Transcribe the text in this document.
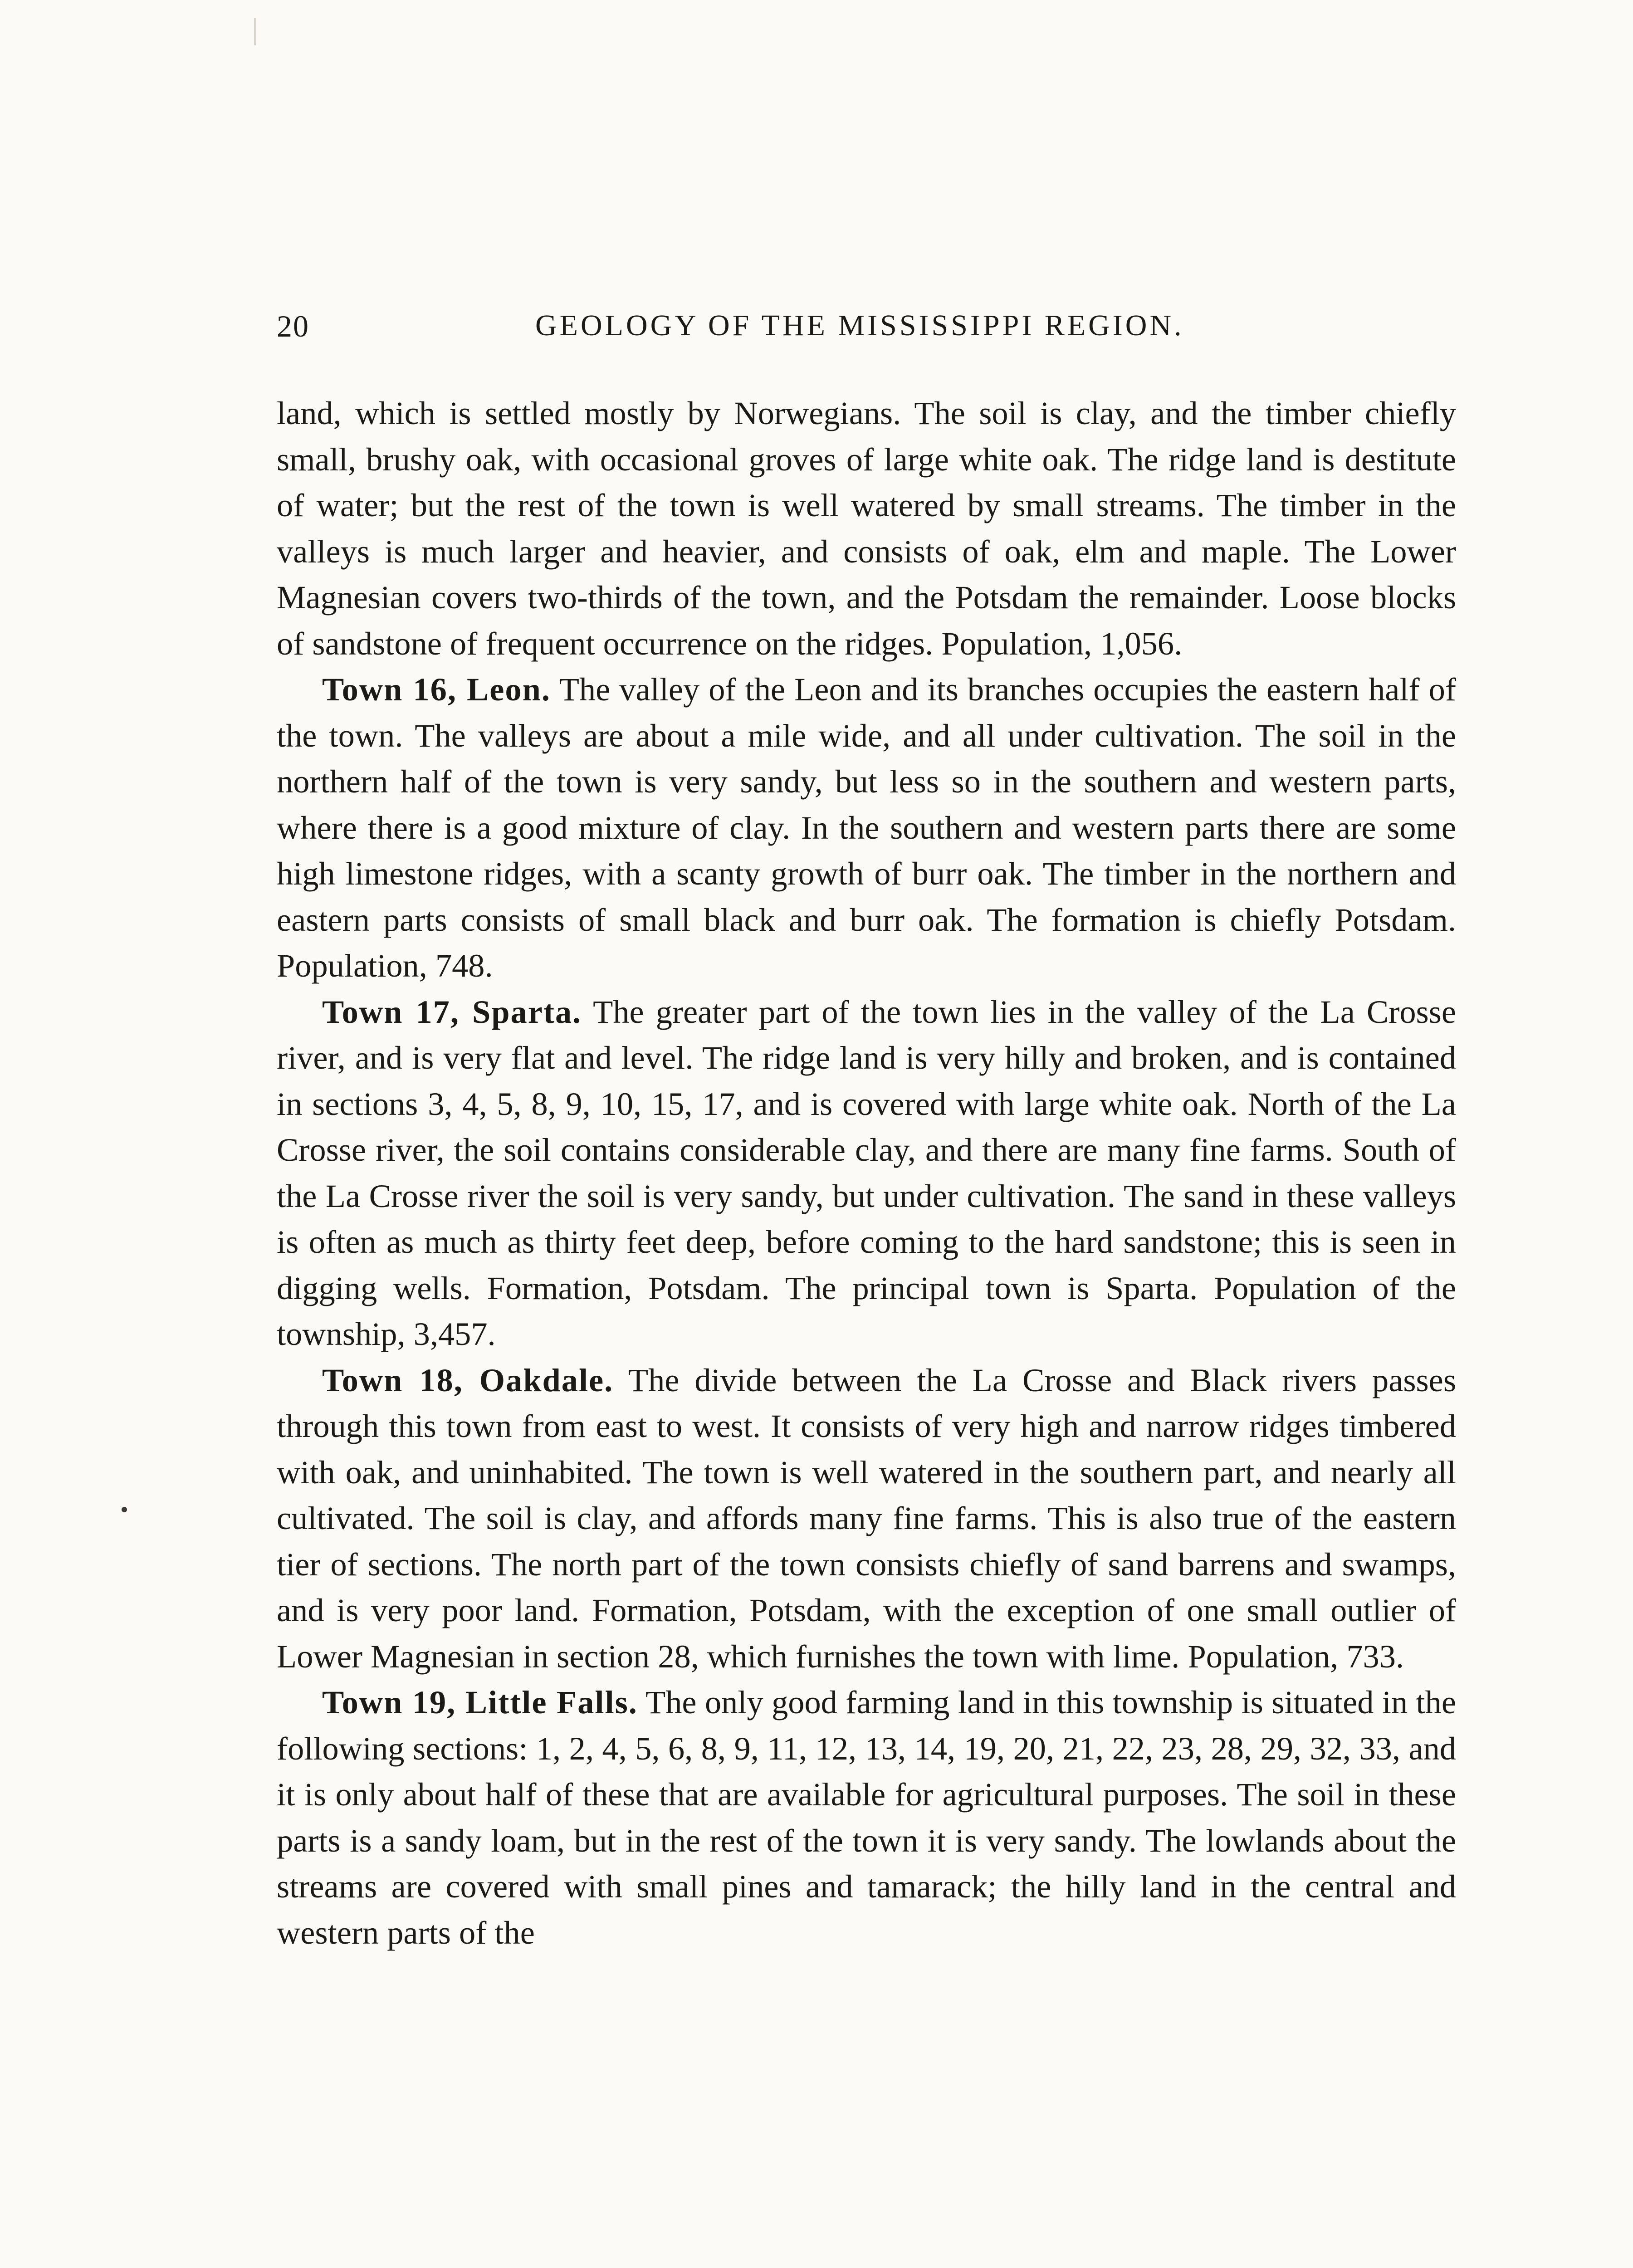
20	GEOLOGY OF THE MISSISSIPPI REGION.

land, which is settled mostly by Norwegians. The soil is clay, and the timber chiefly small, brushy oak, with occasional groves of large white oak. The ridge land is destitute of water; but the rest of the town is well watered by small streams. The timber in the valleys is much larger and heavier, and consists of oak, elm and maple. The Lower Magnesian covers two-thirds of the town, and the Potsdam the remainder. Loose blocks of sandstone of frequent occurrence on the ridges. Population, 1,056.

Town 16, Leon. The valley of the Leon and its branches occupies the eastern half of the town. The valleys are about a mile wide, and all under cultivation. The soil in the northern half of the town is very sandy, but less so in the southern and western parts, where there is a good mixture of clay. In the southern and western parts there are some high limestone ridges, with a scanty growth of burr oak. The timber in the northern and eastern parts consists of small black and burr oak. The formation is chiefly Potsdam. Population, 748.

Town 17, Sparta. The greater part of the town lies in the valley of the La Crosse river, and is very flat and level. The ridge land is very hilly and broken, and is contained in sections 3, 4, 5, 8, 9, 10, 15, 17, and is covered with large white oak. North of the La Crosse river, the soil contains considerable clay, and there are many fine farms. South of the La Crosse river the soil is very sandy, but under cultivation. The sand in these valleys is often as much as thirty feet deep, before coming to the hard sandstone; this is seen in digging wells. Formation, Potsdam. The principal town is Sparta. Population of the township, 3,457.

Town 18, Oakdale. The divide between the La Crosse and Black rivers passes through this town from east to west. It consists of very high and narrow ridges timbered with oak, and uninhabited. The town is well watered in the southern part, and nearly all cultivated. The soil is clay, and affords many fine farms. This is also true of the eastern tier of sections. The north part of the town consists chiefly of sand barrens and swamps, and is very poor land. Formation, Potsdam, with the exception of one small outlier of Lower Magnesian in section 28, which furnishes the town with lime. Population, 733.

Town 19, Little Falls. The only good farming land in this township is situated in the following sections: 1, 2, 4, 5, 6, 8, 9, 11, 12, 13, 14, 19, 20, 21, 22, 23, 28, 29, 32, 33, and it is only about half of these that are available for agricultural purposes. The soil in these parts is a sandy loam, but in the rest of the town it is very sandy. The lowlands about the streams are covered with small pines and tamarack; the hilly land in the central and western parts of the
